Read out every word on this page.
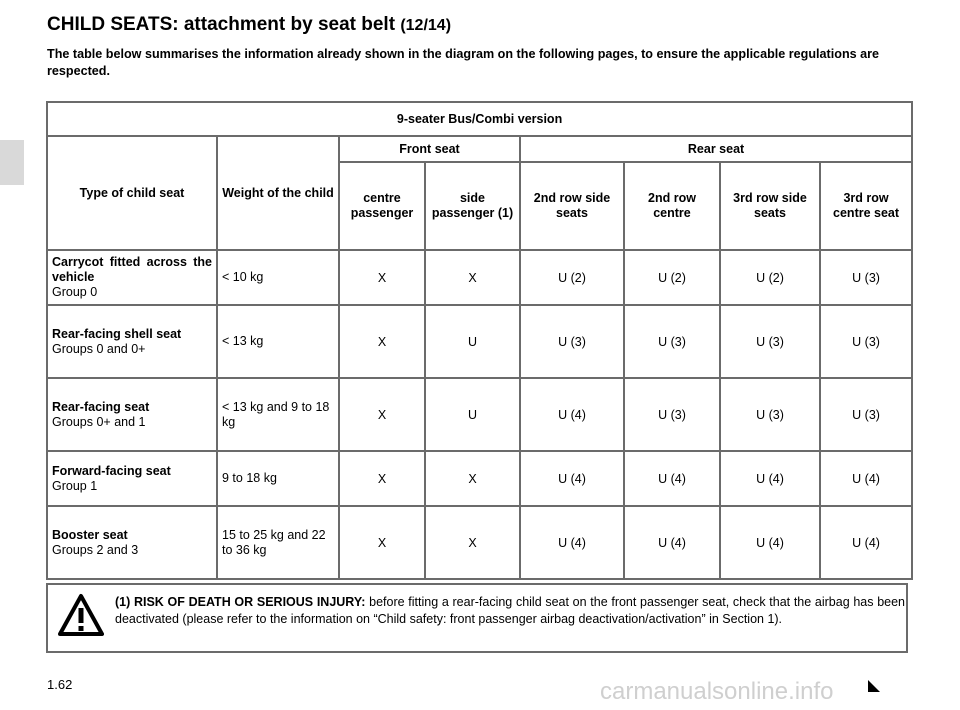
CHILD SEATS: attachment by seat belt (12/14)
The table below summarises the information already shown in the diagram on the following pages, to ensure the applicable regulations are respected.
9-seater Bus/Combi version							
Type of child seat	Weight of the child	Front seat		Rear seat			
		centre passenger	side passenger (1)	2nd row side seats	2nd row centre	3rd row side seats	3rd row centre seat

Carrycot fitted across the vehicle
Group 0	< 10 kg	X	X	U (2)	U (2)	U (2)	U (3)

Rear-facing shell seat
Groups 0 and 0+	< 13 kg	X	U	U (3)	U (3)	U (3)	U (3)

Rear-facing seat
Groups 0+ and 1	< 13 kg and 9 to 18 kg	X	U	U (4)	U (3)	U (3)	U (3)

Forward-facing seat
Group 1	9 to 18 kg	X	X	U (4)	U (4)	U (4)	U (4)

Booster seat
Groups 2 and 3	15 to 25 kg and 22 to 36 kg	X	X	U (4)	U (4)	U (4)	U (4)
(1) RISK OF DEATH OR SERIOUS INJURY: before fitting a rear-facing child seat on the front passenger seat, check that the airbag has been deactivated (please refer to the information on “Child safety: front passenger airbag deactivation/activation” in Section 1).
1.62	carmanualsonline.info
